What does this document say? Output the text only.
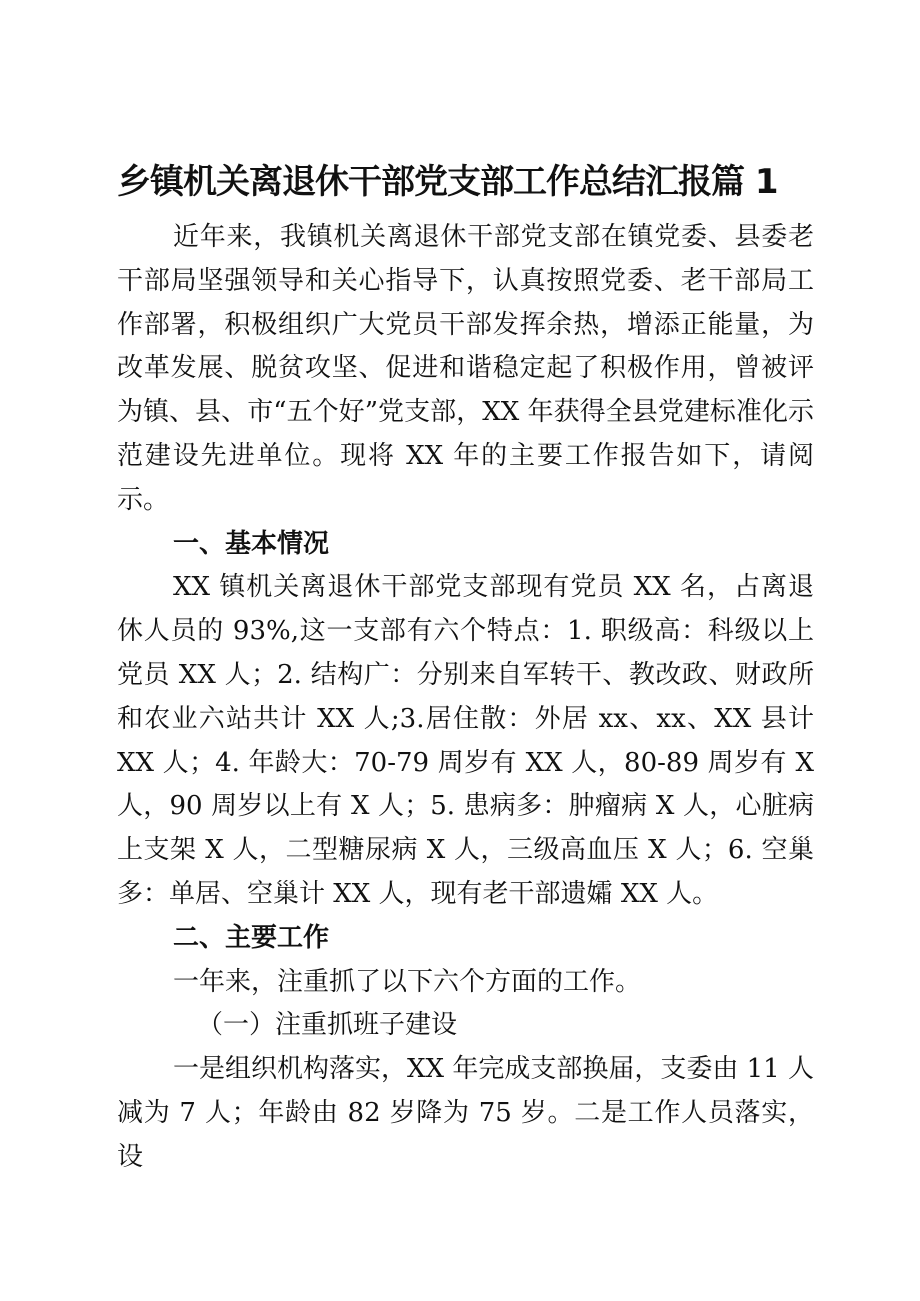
乡镇机关离退休干部党支部工作总结汇报篇 1

近年来，我镇机关离退休干部党支部在镇党委、县委老干部局坚强领导和关心指导下，认真按照党委、老干部局工作部署，积极组织广大党员干部发挥余热，增添正能量，为改革发展、脱贫攻坚、促进和谐稳定起了积极作用，曾被评为镇、县、市“五个好”党支部，XX 年获得全县党建标准化示范建设先进单位。现将 XX 年的主要工作报告如下，请阅示。

一、基本情况

XX 镇机关离退休干部党支部现有党员 XX 名，占离退休人员的 93%,这一支部有六个特点：1. 职级高：科级以上党员 XX 人；2. 结构广：分别来自军转干、教改政、财政所和农业六站共计 XX 人;3.居住散：外居 xx、xx、XX 县计 XX 人；4. 年龄大：70-79 周岁有 XX 人，80-89 周岁有 X 人，90 周岁以上有 X 人；5. 患病多：肿瘤病 X 人，心脏病上支架 X 人，二型糖尿病 X 人，三级高血压 X 人；6. 空巢多：单居、空巢计 XX 人，现有老干部遗孀 XX 人。

二、主要工作

一年来，注重抓了以下六个方面的工作。

（一）注重抓班子建设

一是组织机构落实，XX 年完成支部换届，支委由 11 人减为 7 人；年龄由 82 岁降为 75 岁。二是工作人员落实，设
